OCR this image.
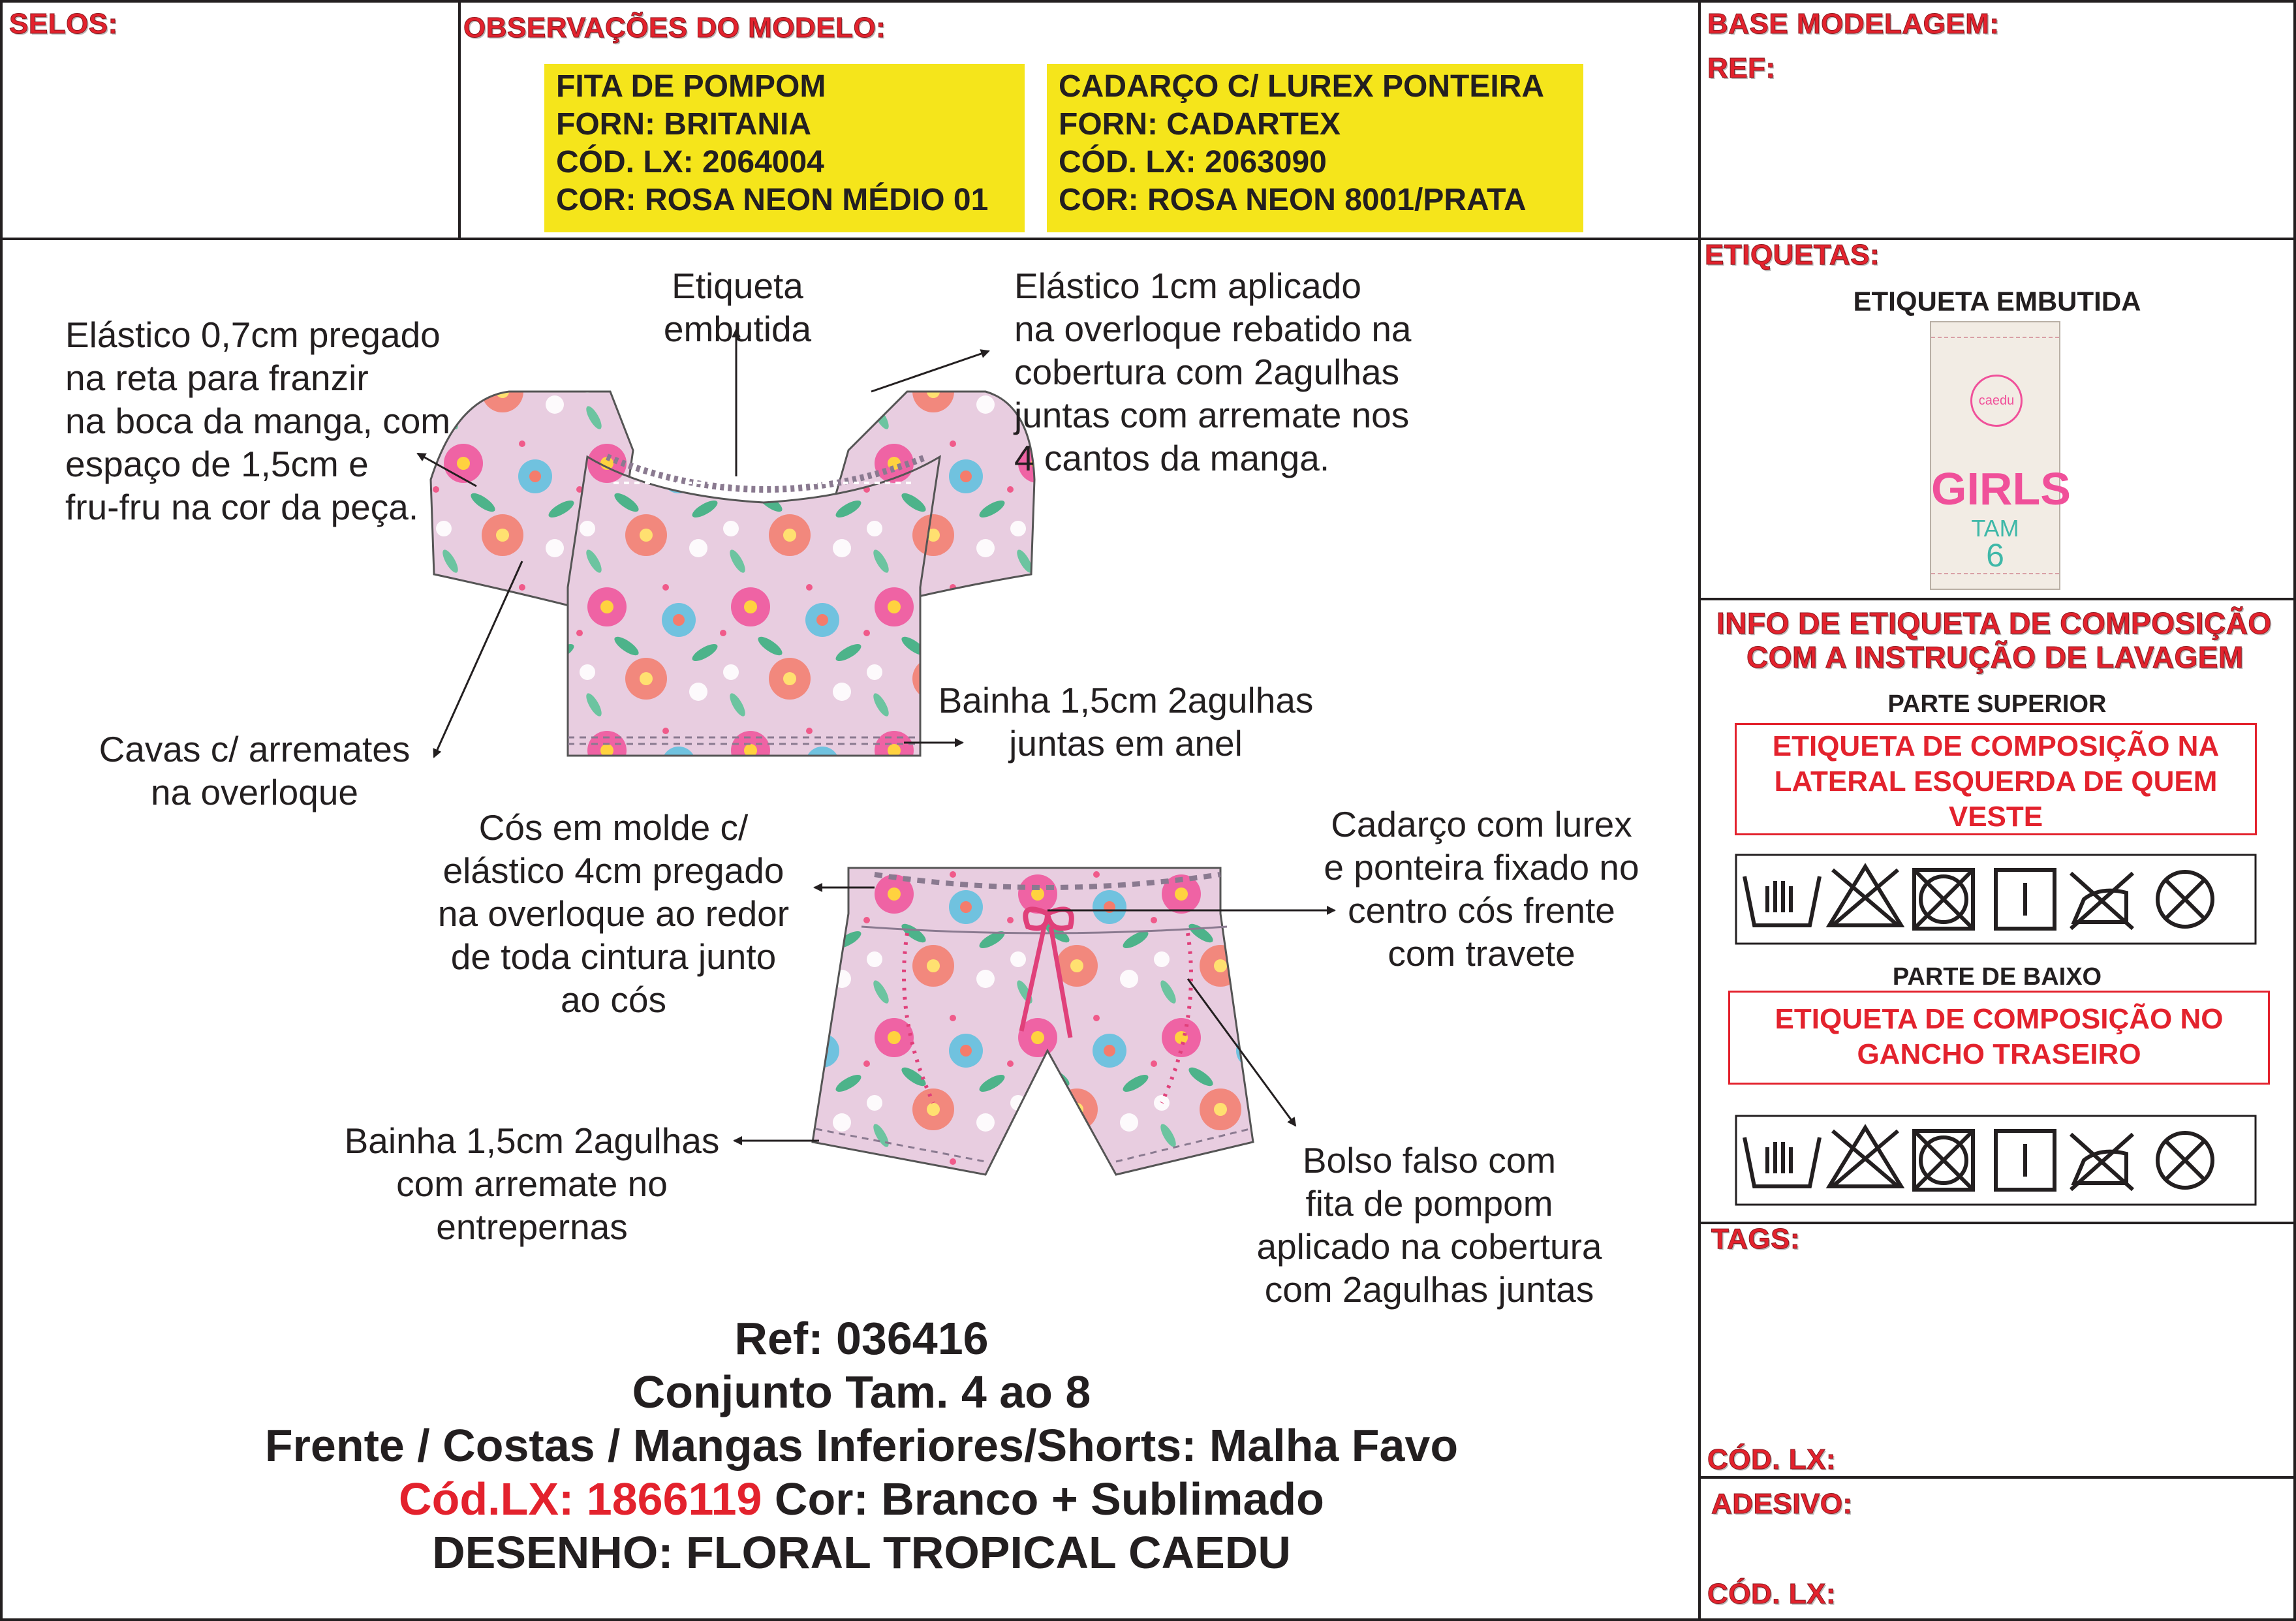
SELOS:	OBSERVAÇÕES DO MODELO:	BASE MODELAGEM:
REF:
FITA DE POMPOM
FORN: BRITANIA
CÓD. LX: 2064004
COR: ROSA NEON MÉDIO 01
CADARÇO C/ LUREX PONTEIRA
FORN: CADARTEX
CÓD. LX: 2063090
COR: ROSA NEON 8001/PRATA
Etiqueta
embutida
Elástico 0,7cm pregado
na reta para franzir
na boca da manga, com
espaço de 1,5cm e
fru-fru na cor da peça.
Elástico 1cm aplicado
na overloque rebatido na
cobertura com 2agulhas
juntas com arremate nos
4 cantos da manga.
Bainha 1,5cm 2agulhas
juntas em anel
Cavas c/ arremates
na overloque
Cós em molde c/
elástico 4cm pregado
na overloque ao redor
de toda cintura junto
ao cós
Cadarço com lurex
e ponteira fixado no
centro cós frente
com travete
Bainha 1,5cm 2agulhas
com arremate no
entrepernas
Bolso falso com
fita de pompom
aplicado na cobertura
com 2agulhas juntas
Ref: 036416
Conjunto Tam. 4 ao 8
Frente / Costas / Mangas Inferiores/Shorts: Malha Favo
Cód.LX: 1866119 Cor: Branco + Sublimado
DESENHO: FLORAL TROPICAL CAEDU
ETIQUETAS:
ETIQUETA EMBUTIDA
caedu
GIRLS
TAM
6
INFO DE ETIQUETA DE COMPOSIÇÃO
COM A INSTRUÇÃO DE LAVAGEM
PARTE SUPERIOR
ETIQUETA DE COMPOSIÇÃO NA
LATERAL ESQUERDA DE QUEM
VESTE
PARTE DE BAIXO
ETIQUETA DE COMPOSIÇÃO NO
GANCHO TRASEIRO
TAGS:
CÓD. LX:
ADESIVO:
CÓD. LX:
